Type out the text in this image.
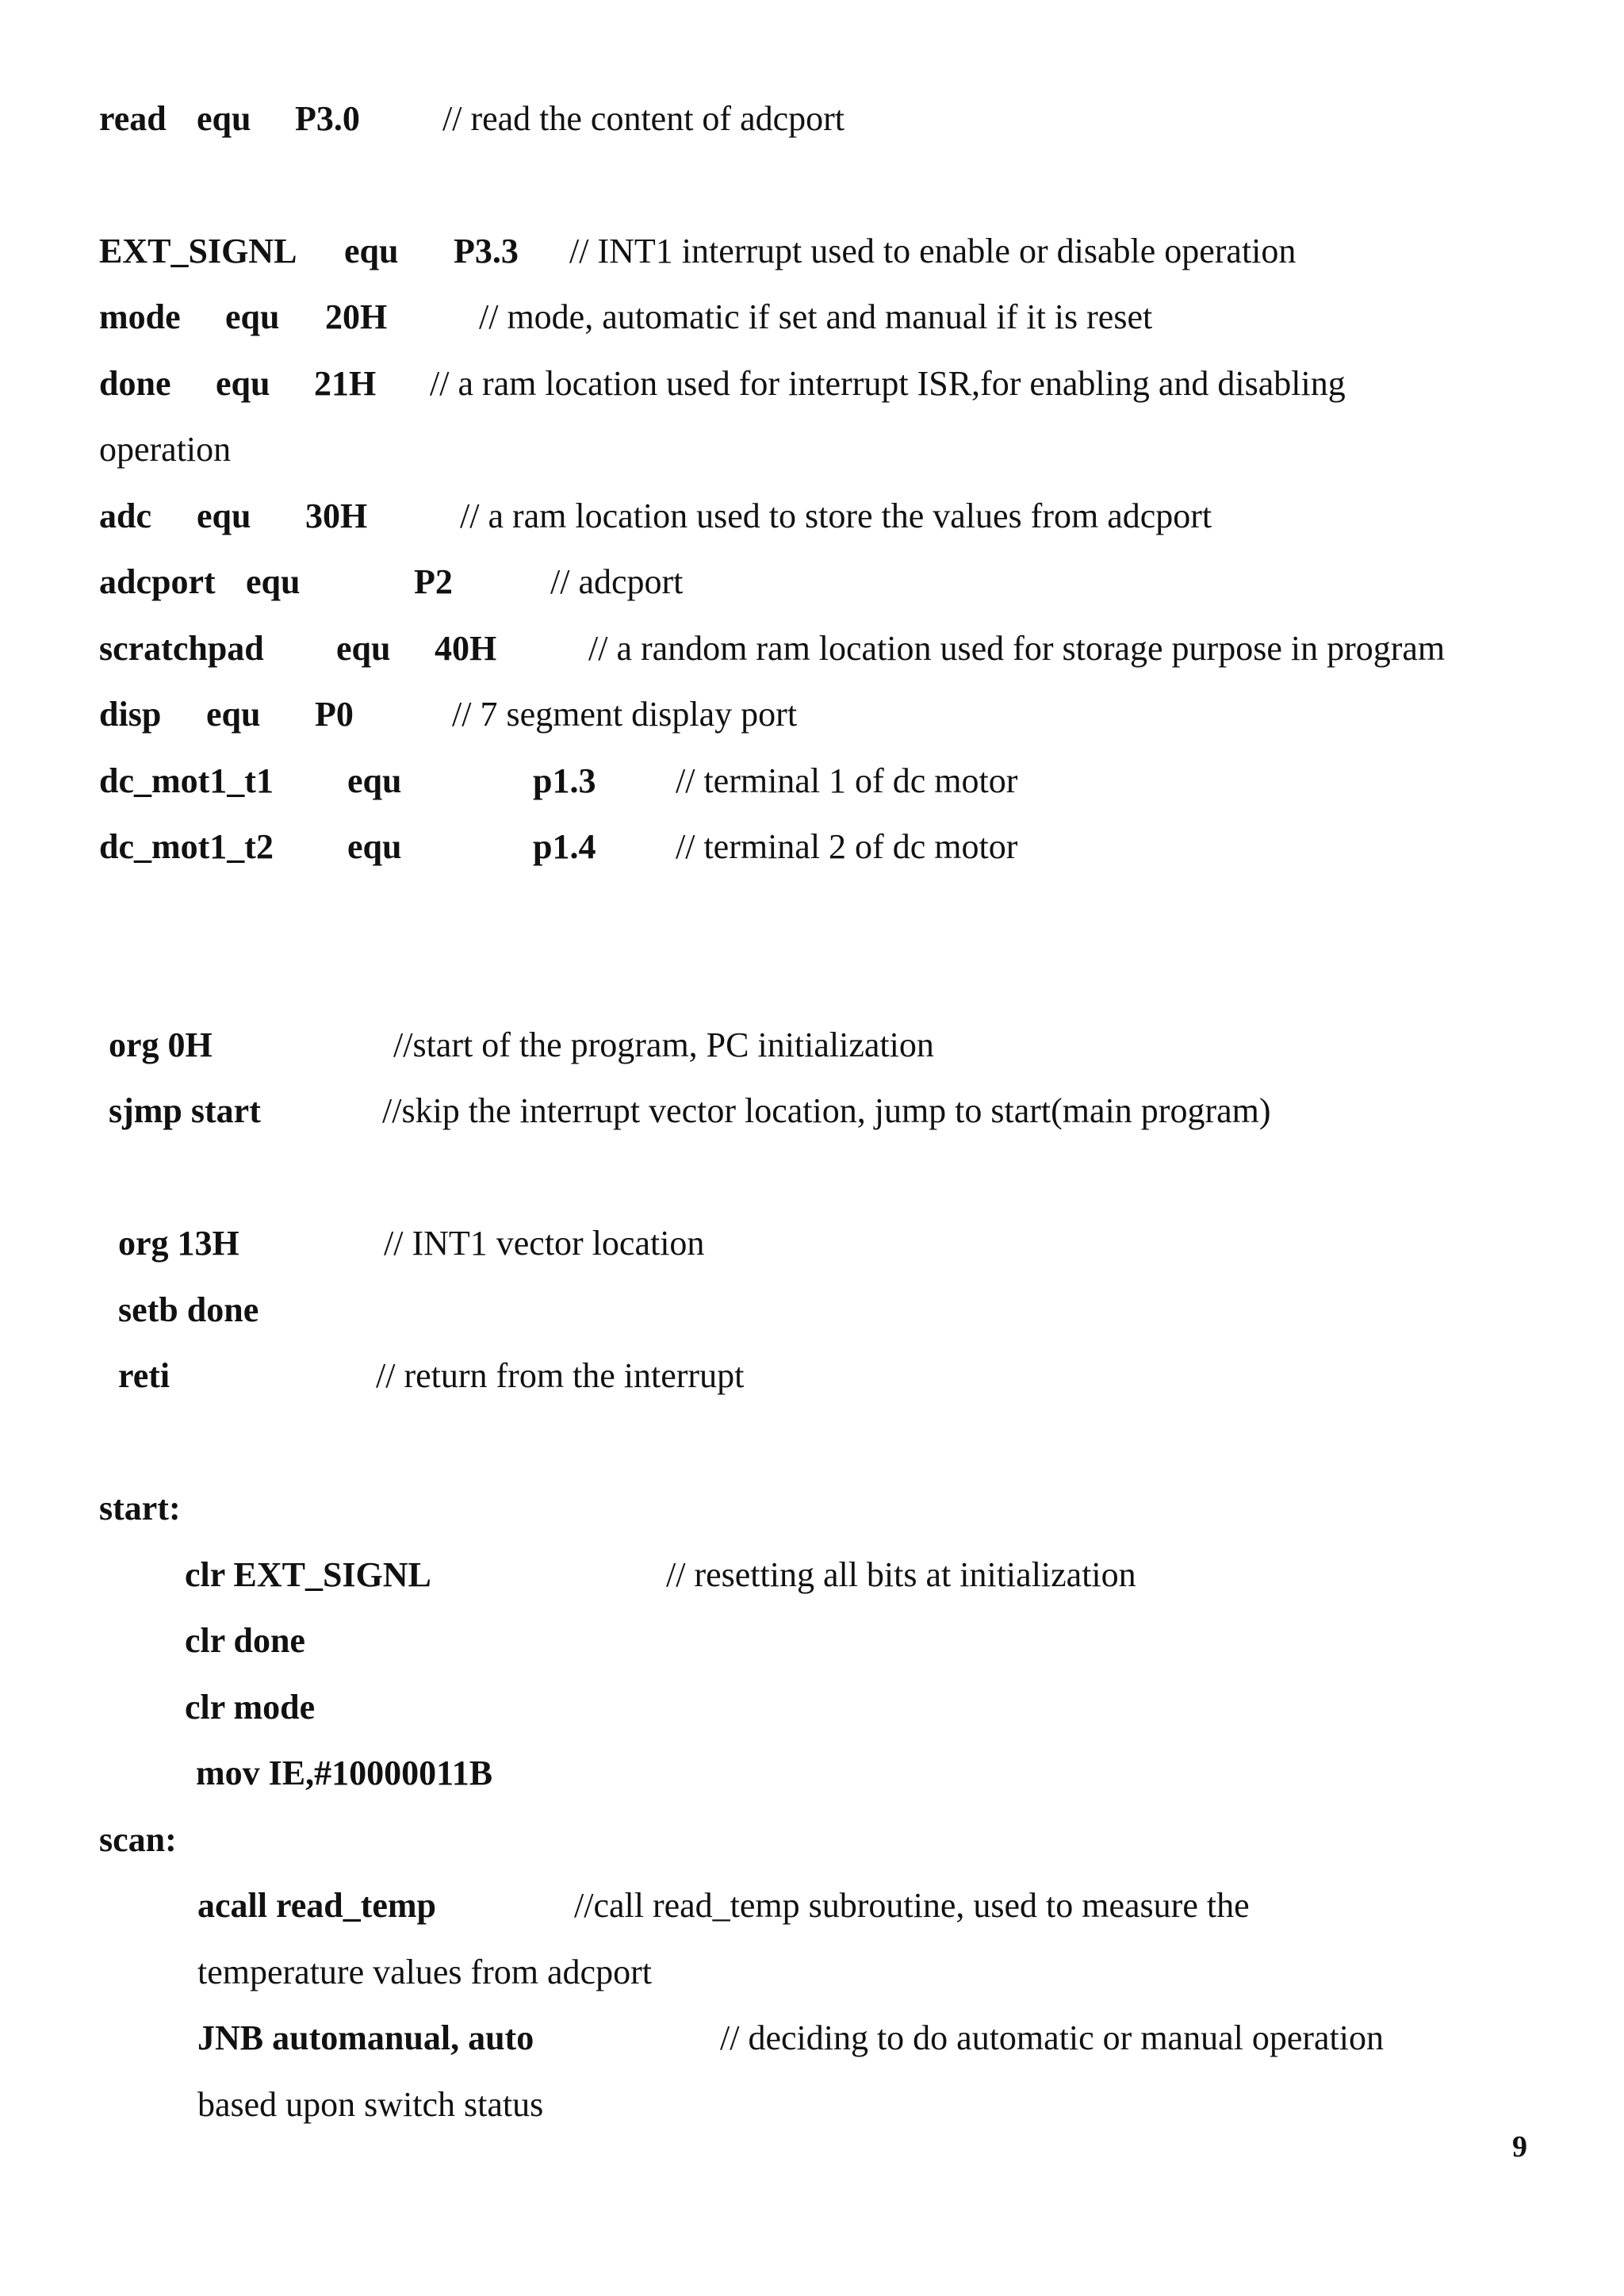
read equ P3.0 // read the content of adcport
EXT_SIGNL equ P3.3 // INT1 interrupt used to enable or disable operation
mode equ 20H	// mode, automatic if set and manual if it is reset
done equ 21H // a ram location used for interrupt ISR,for enabling and disabling
operation
adc equ 30H	// a ram location used to store the values from adcport
adcport equ	P2	// adcport
scratchpad equ 40H	// a random ram location used for storage purpose in program
disp equ P0	// 7 segment display port
dc_mot1_t1 equ	p1.3 // terminal 1 of dc motor
dc_mot1_t2 equ	p1.4 // terminal 2 of dc motor
org 0H	//start of the program, PC initialization
sjmp start	//skip the interrupt vector location, jump to start(main program)
org 13H	// INT1 vector location
setb done
reti	// return from the interrupt
start:
clr EXT_SIGNL	// resetting all bits at initialization
clr done
clr mode
mov IE,#10000011B
scan:
acall read_temp	//call read_temp subroutine, used to measure the
temperature values from adcport
JNB automanual, auto	// deciding to do automatic or manual operation
based upon switch status
9
